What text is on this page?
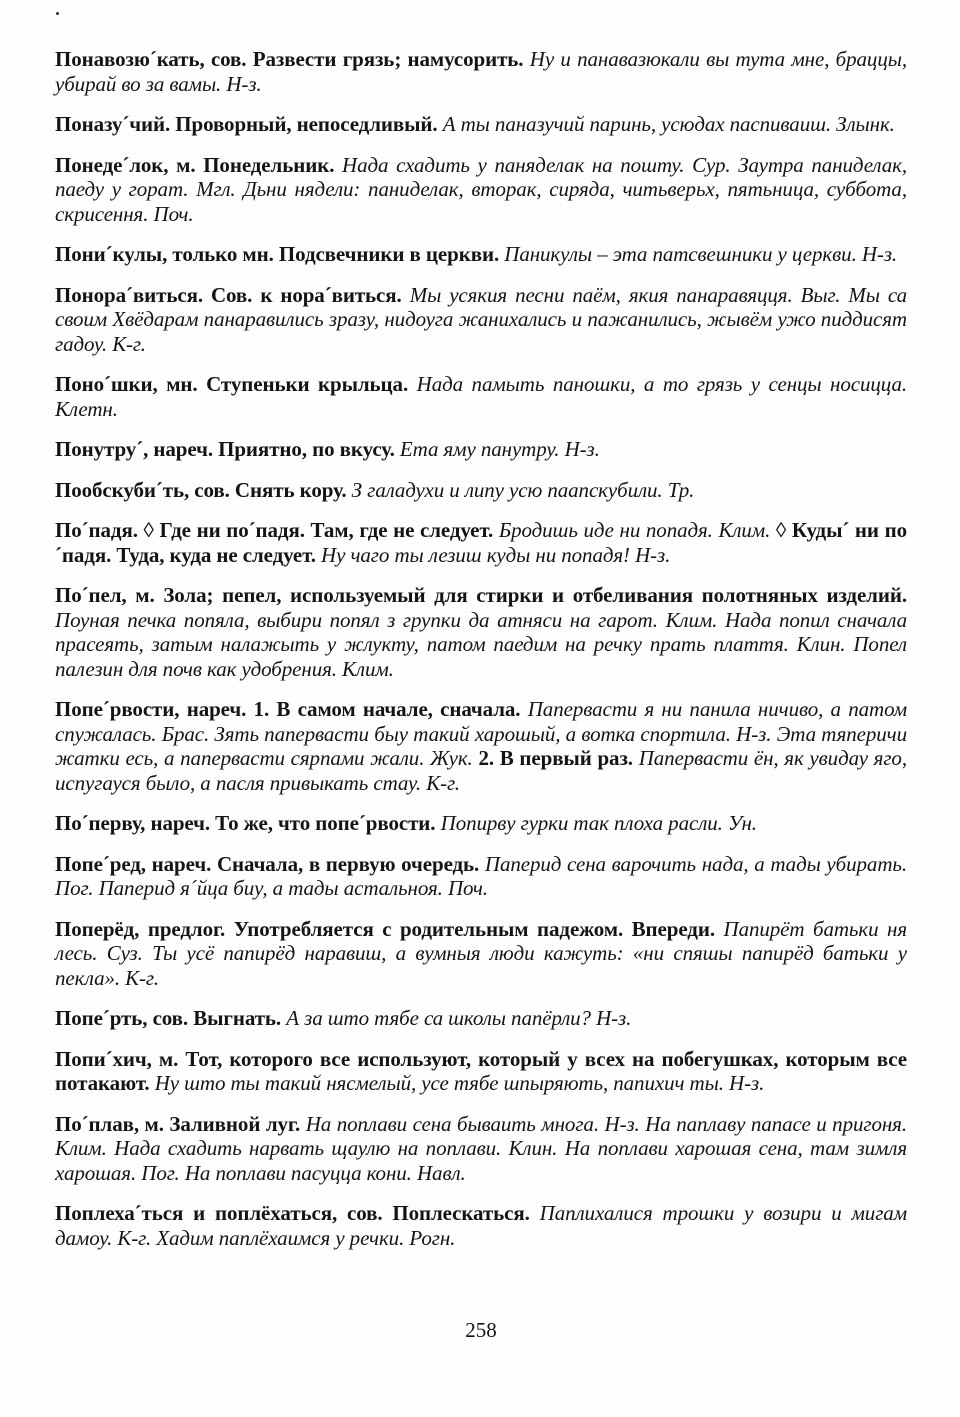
Понавозю´кать, сов. Развести грязь; намусорить. Ну и панавазюкали вы тута мне, браццы, убирай во за вамы. Н-з.

Поназу´чий. Проворный, непоседливый. А ты паназучий паринь, усюдах паспиваиш. Злынк.

Понеде´лок, м. Понедельник. Нада схадить у паняделак на пошту. Сур. Заутра паниделак, паеду у горат. Мгл. Дьни нядели: паниделак, вторак, сиряда, читьверьх, пятьница, суббота, скрисення. Поч.

Пони´кулы, только мн. Подсвечники в церкви. Паникулы – эта патсвешники у церкви. Н-з.

Понора´виться. Сов. к нора´виться. Мы усякия песни паём, якия панаравяцця. Выг. Мы са своим Хвёдарам панаравились зразу, нидоуга жанихались и пажанились, жывём ужо пиддисят гадоу. К-г.

Поно´шки, мн. Ступеньки крыльца. Нада памыть паношки, а то грязь у сенцы носицца. Клетн.

Понутру´, нареч. Приятно, по вкусу. Ета яму панутру. Н-з.

Пообскуби´ть, сов. Снять кору. З галадухи и липу усю паапскубили. Тр.

По´падя. ◊ Где ни по´падя. Там, где не следует. Бродишь иде ни попадя. Клим. ◊ Куды´ ни по´падя. Туда, куда не следует. Ну чаго ты лезиш куды ни попадя! Н-з.

По´пел, м. Зола; пепел, используемый для стирки и отбеливания полотняных изделий. Поуная печка попяла, выбири попял з групки да атняси на гарот. Клим. Нада попил сначала прасеять, затым налажыть у жлукту, патом паедим на речку прать плаття. Клин. Попел палезин для почв как удобрения. Клим.

Попе´рвости, нареч. 1. В самом начале, сначала. Папервасти я ни панила ничиво, а патом спужалась. Брас. Зять папервасти быу такий харошый, а вотка спортила. Н-з. Эта тяперичи жатки есь, а папервасти сярпами жали. Жук. 2. В первый раз. Папервасти ён, як увидау яго, испугауся было, а пасля привыкать стау. К-г.

По´перву, нареч. То же, что попе´рвости. Попирву гурки так плоха расли. Ун.

Попе´ред, нареч. Сначала, в первую очередь. Паперид сена варочить нада, а тады убирать. Пог. Паперид я´йца биу, а тады астальноя. Поч.

Поперёд, предлог. Употребляется с родительным падежом. Впереди. Папирёт батьки ня лесь. Суз. Ты усё папирёд наравиш, а вумныя люди кажуть: «ни спяшы папирёд батьки у пекла». К-г.

Попе´рть, сов. Выгнать. А за што тябе са школы папёрли? Н-з.

Попи´хич, м. Тот, которого все используют, который у всех на побегушках, которым все потакают. Ну што ты такий нясмелый, усе тябе шпыряють, папихич ты. Н-з.

По´плав, м. Заливной луг. На поплави сена бываить многа. Н-з. На паплаву папасе и пригоня. Клим. Нада схадить нарвать щаулю на поплави. Клин. На поплави харошая сена, там зимля харошая. Пог. На поплави пасуцца кони. Навл.

Поплеха´ться и поплёхаться, сов. Поплескаться. Паплихалися трошки у возири и мигам дамоу. К-г. Хадим паплёхаимся у речки. Рогн.

258
